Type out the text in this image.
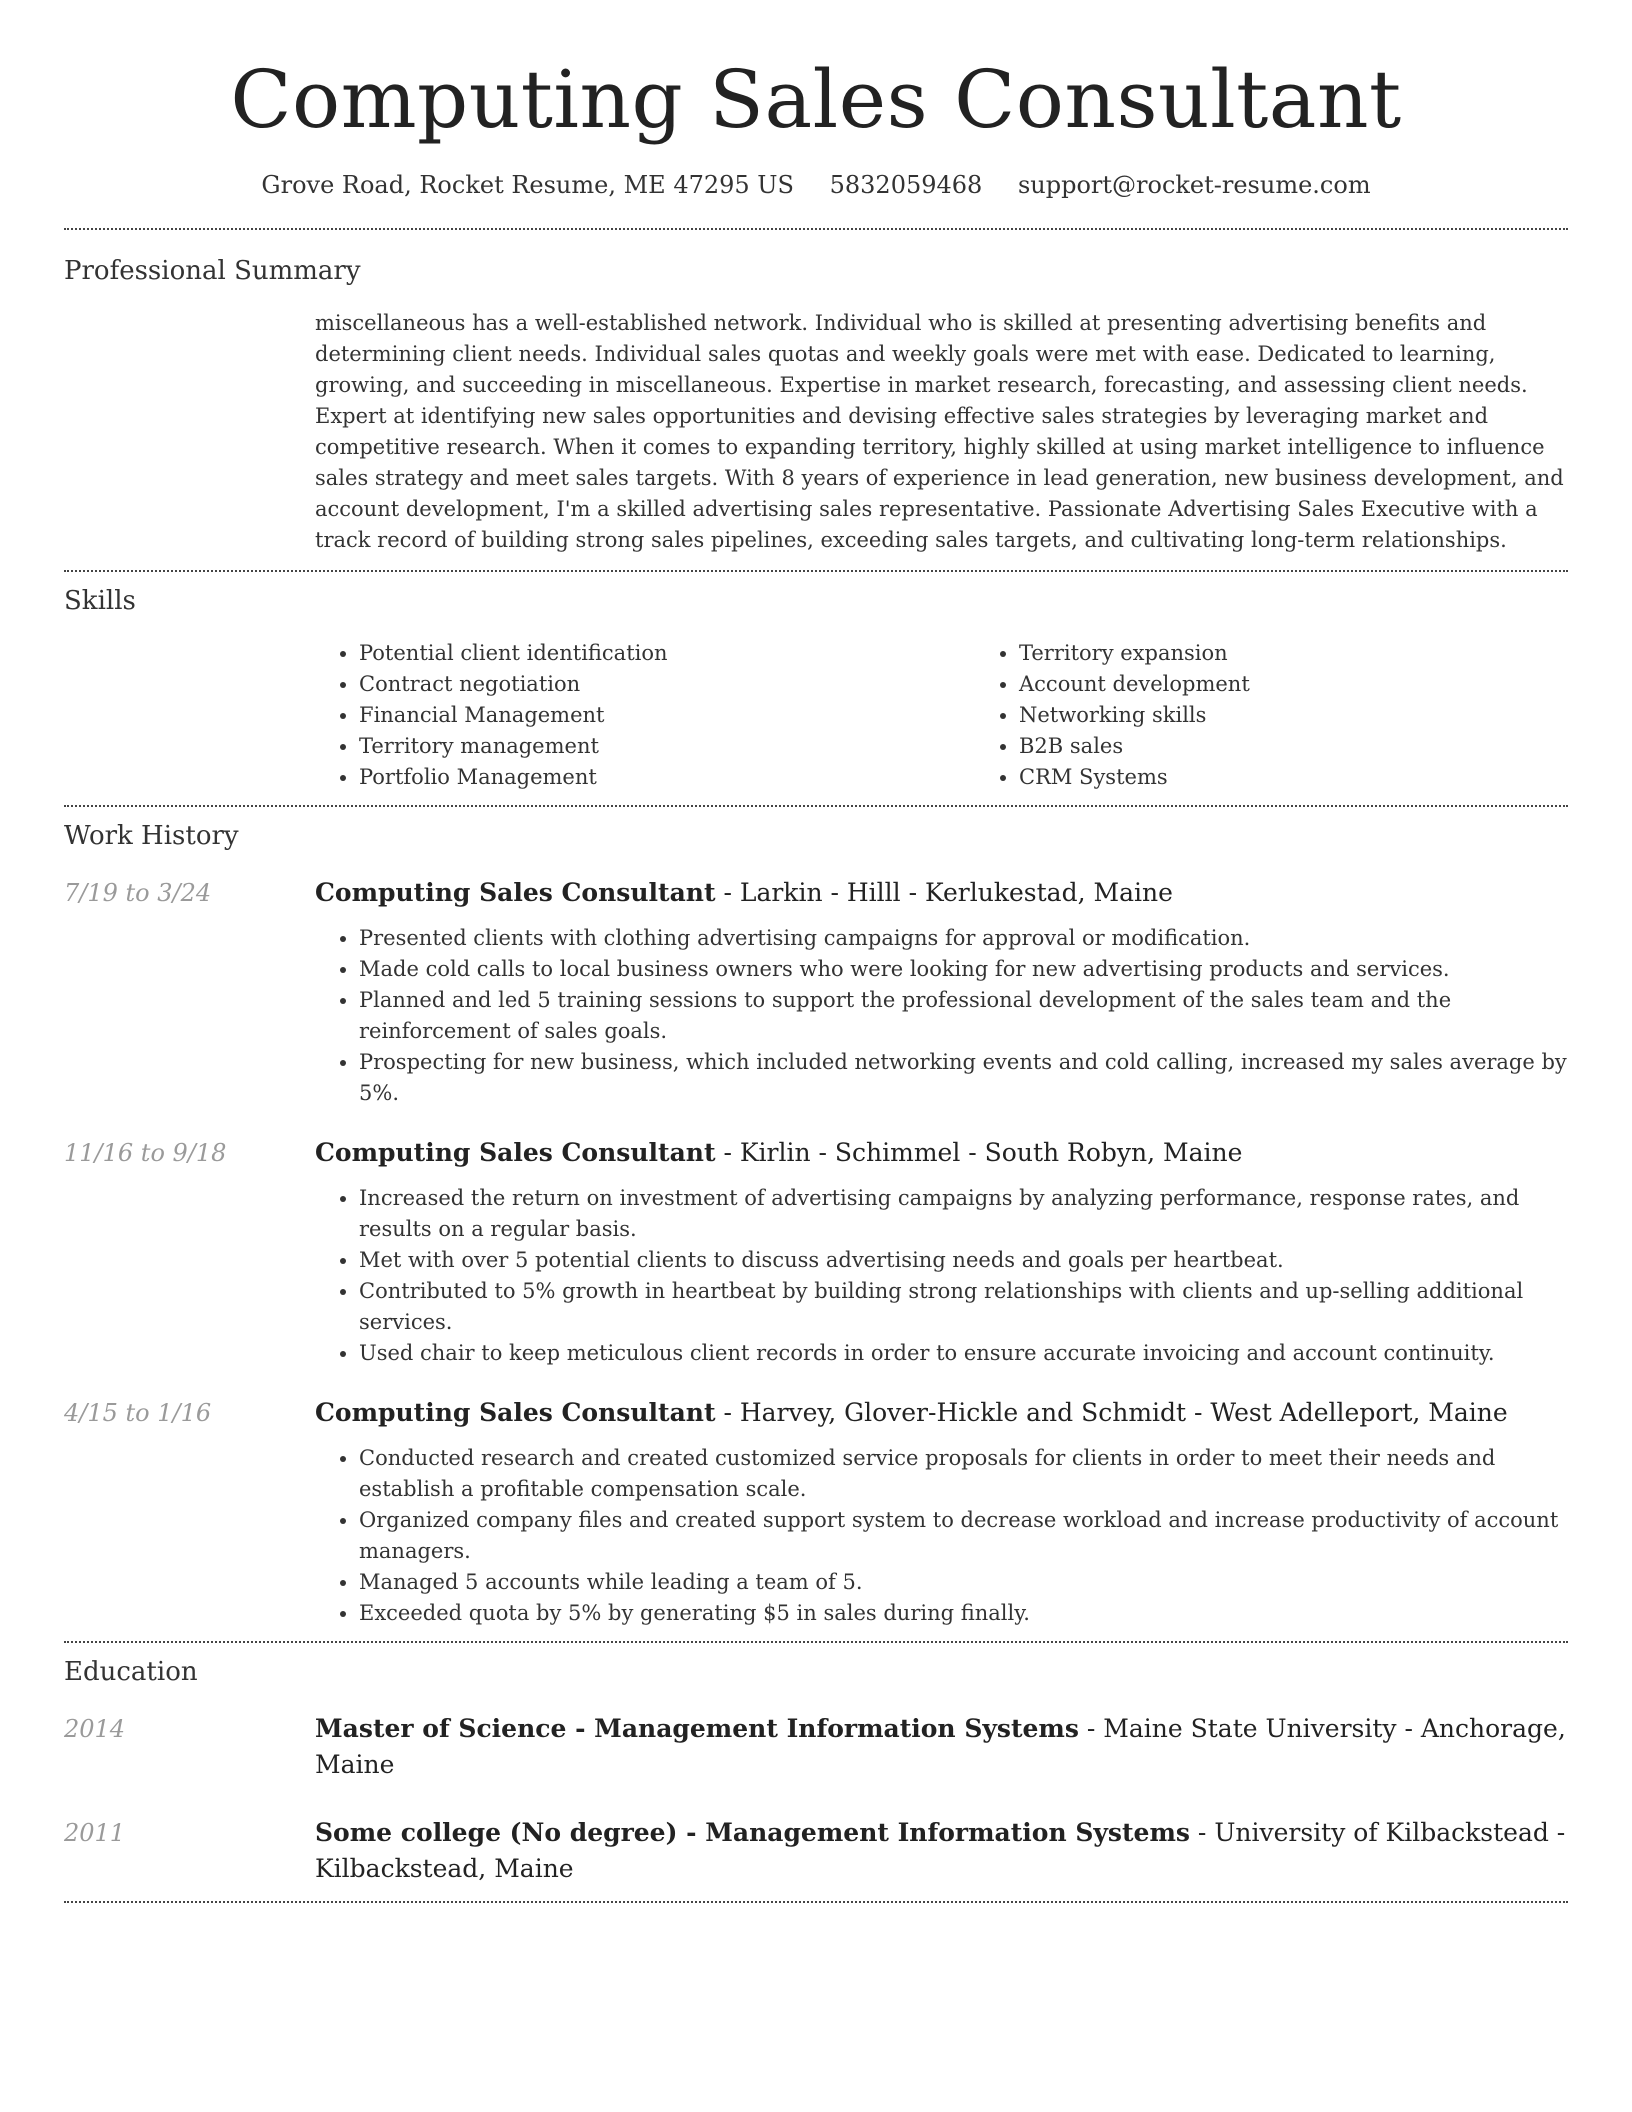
Computing Sales Consultant
Grove Road, Rocket Resume, ME 47295 US 5832059468 support@rocket-resume.com
Professional Summary
miscellaneous has a well-established network. Individual who is skilled at presenting advertising benefits and determining client needs. Individual sales quotas and weekly goals were met with ease. Dedicated to learning, growing, and succeeding in miscellaneous. Expertise in market research, forecasting, and assessing client needs. Expert at identifying new sales opportunities and devising effective sales strategies by leveraging market and competitive research. When it comes to expanding territory, highly skilled at using market intelligence to influence sales strategy and meet sales targets. With 8 years of experience in lead generation, new business development, and account development, I'm a skilled advertising sales representative. Passionate Advertising Sales Executive with a track record of building strong sales pipelines, exceeding sales targets, and cultivating long-term relationships.
Skills
• Potential client identification
• Contract negotiation
• Financial Management
• Territory management
• Portfolio Management
• Territory expansion
• Account development
• Networking skills
• B2B sales
• CRM Systems
Work History
7/19 to 3/24	Computing Sales Consultant - Larkin - Hilll - Kerlukestad, Maine
• Presented clients with clothing advertising campaigns for approval or modification.
• Made cold calls to local business owners who were looking for new advertising products and services.
• Planned and led 5 training sessions to support the professional development of the sales team and the reinforcement of sales goals.
• Prospecting for new business, which included networking events and cold calling, increased my sales average by 5%.
11/16 to 9/18	Computing Sales Consultant - Kirlin - Schimmel - South Robyn, Maine
• Increased the return on investment of advertising campaigns by analyzing performance, response rates, and results on a regular basis.
• Met with over 5 potential clients to discuss advertising needs and goals per heartbeat.
• Contributed to 5% growth in heartbeat by building strong relationships with clients and up-selling additional services.
• Used chair to keep meticulous client records in order to ensure accurate invoicing and account continuity.
4/15 to 1/16	Computing Sales Consultant - Harvey, Glover-Hickle and Schmidt - West Adelleport, Maine
• Conducted research and created customized service proposals for clients in order to meet their needs and establish a profitable compensation scale.
• Organized company files and created support system to decrease workload and increase productivity of account managers.
• Managed 5 accounts while leading a team of 5.
• Exceeded quota by 5% by generating $5 in sales during finally.
Education
2014	Master of Science - Management Information Systems - Maine State University - Anchorage, Maine
2011	Some college (No degree) - Management Information Systems - University of Kilbackstead - Kilbackstead, Maine
